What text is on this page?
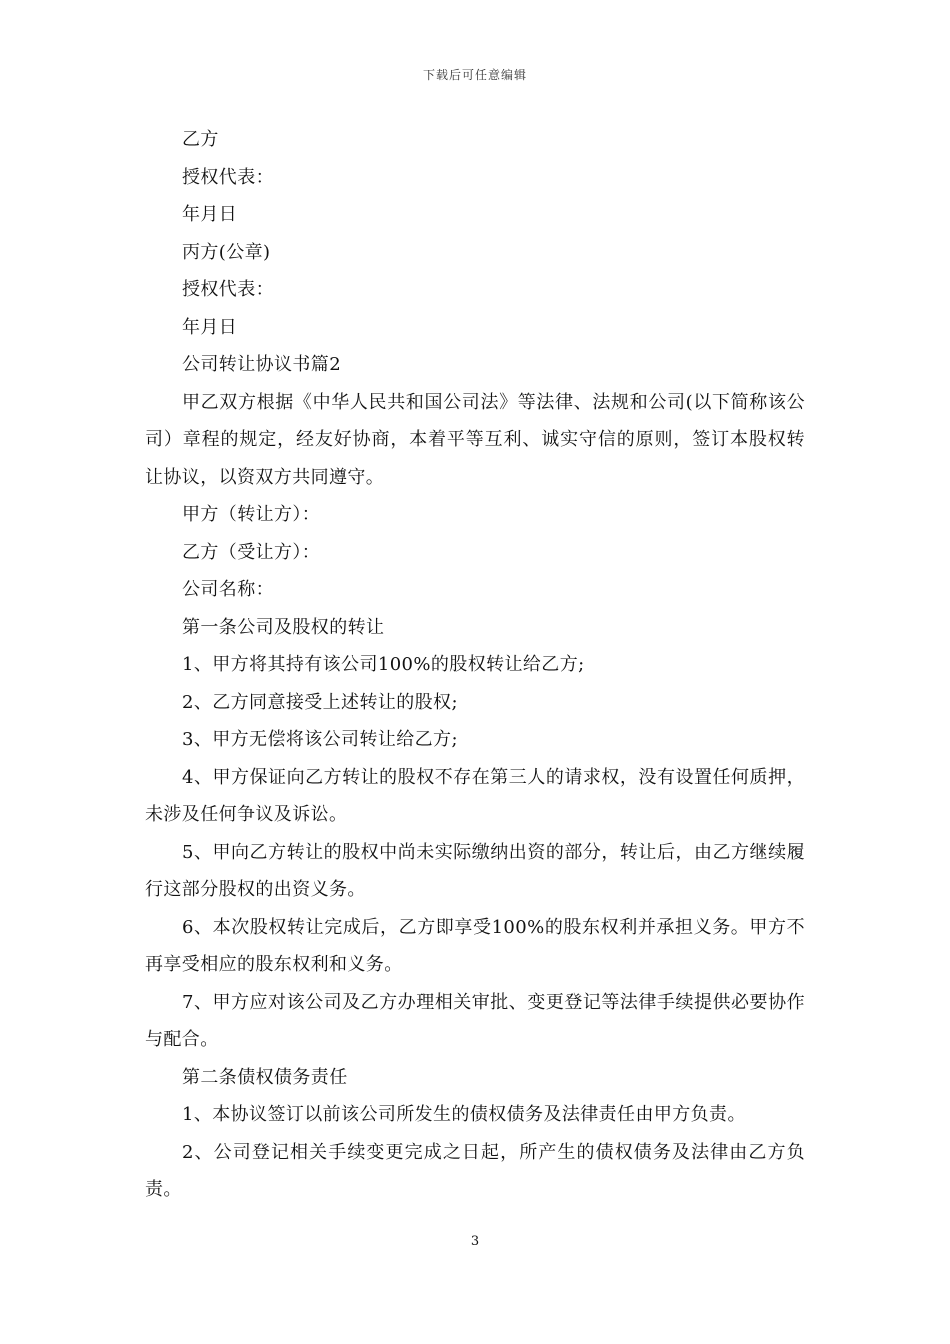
下载后可任意编辑

乙方

授权代表：

年月日

丙方(公章)

授权代表：

年月日

公司转让协议书篇2

甲乙双方根据《中华人民共和国公司法》等法律、法规和公司(以下简称该公司）章程的规定，经友好协商，本着平等互利、诚实守信的原则，签订本股权转让协议，以资双方共同遵守。

甲方（转让方）：

乙方（受让方）：

公司名称：

第一条公司及股权的转让

1、甲方将其持有该公司100%的股权转让给乙方;

2、乙方同意接受上述转让的股权;

3、甲方无偿将该公司转让给乙方;

4、甲方保证向乙方转让的股权不存在第三人的请求权，没有设置任何质押，未涉及任何争议及诉讼。

5、甲向乙方转让的股权中尚未实际缴纳出资的部分，转让后，由乙方继续履行这部分股权的出资义务。

6、本次股权转让完成后，乙方即享受100%的股东权利并承担义务。甲方不再享受相应的股东权利和义务。

7、甲方应对该公司及乙方办理相关审批、变更登记等法律手续提供必要协作与配合。

第二条债权债务责任

1、本协议签订以前该公司所发生的债权债务及法律责任由甲方负责。

2、公司登记相关手续变更完成之日起，所产生的债权债务及法律由乙方负责。

3
